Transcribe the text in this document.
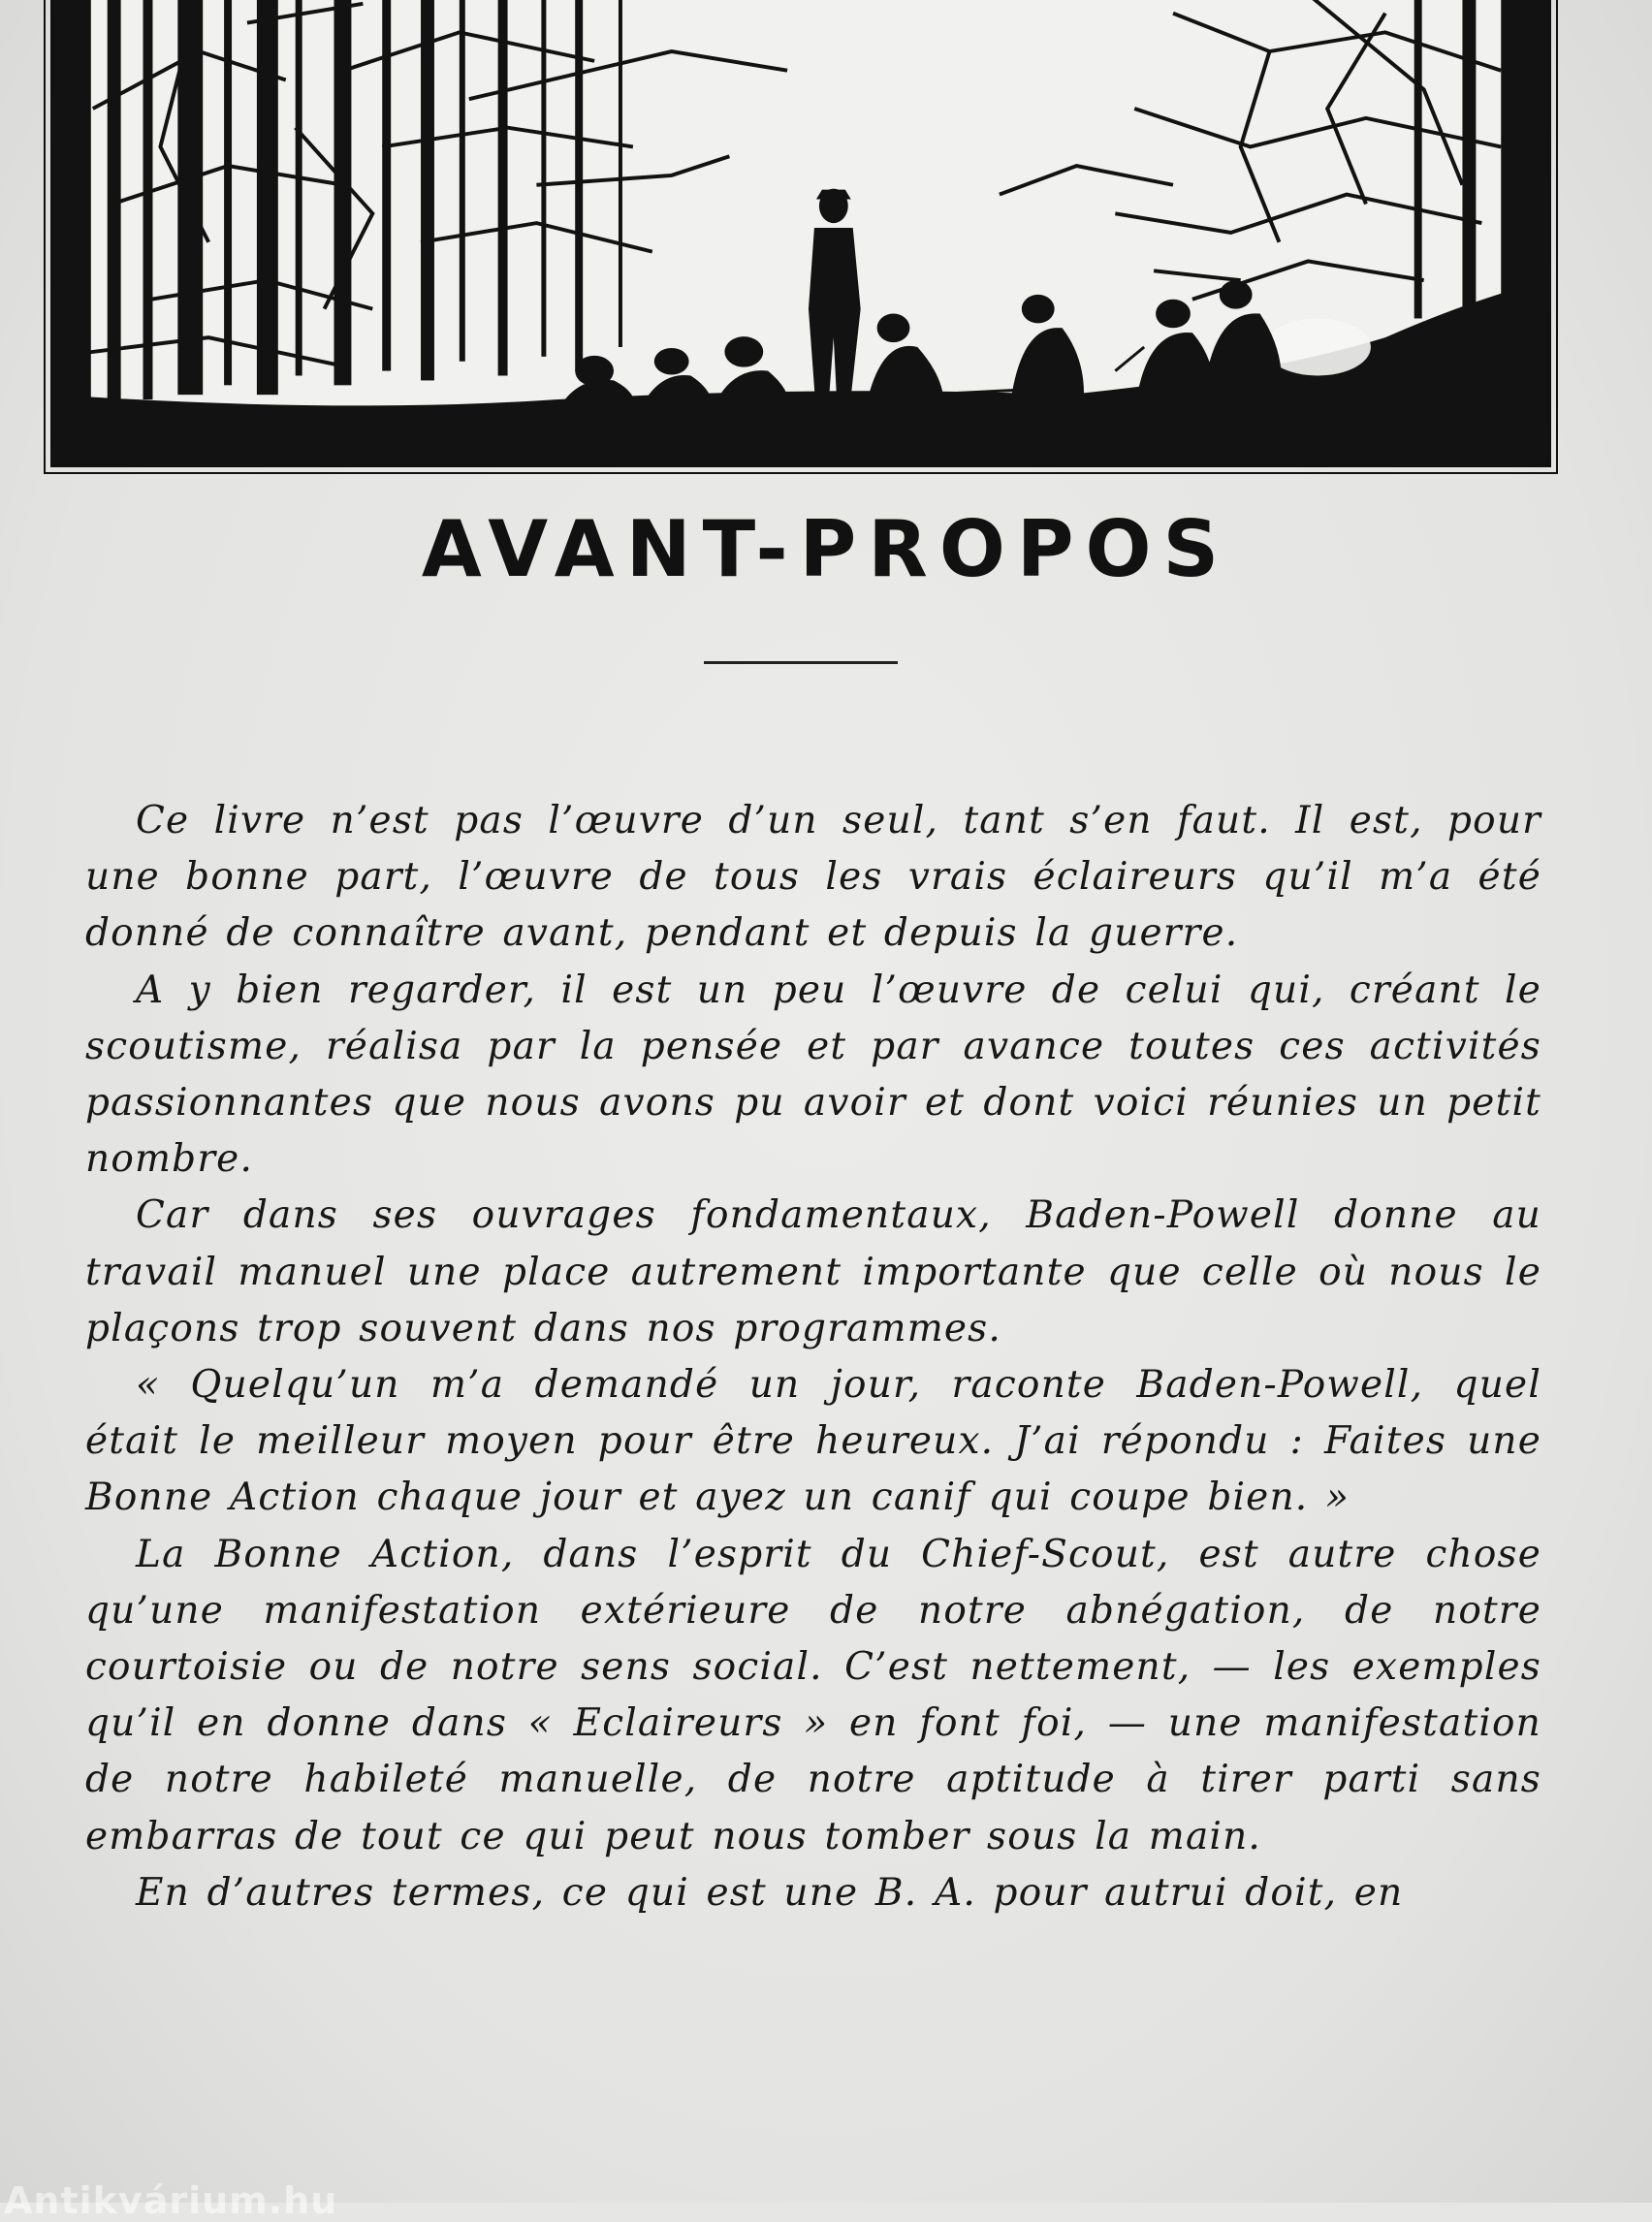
AVANT-PROPOS

Ce livre n’est pas l’œuvre d’un seul, tant s’en faut. Il est, pour une bonne part, l’œuvre de tous les vrais éclaireurs qu’il m’a été donné de connaître avant, pendant et depuis la guerre.

A y bien regarder, il est un peu l’œuvre de celui qui, créant le scoutisme, réalisa par la pensée et par avance toutes ces activités passionnantes que nous avons pu avoir et dont voici réunies un petit nombre.

Car dans ses ouvrages fondamentaux, Baden-Powell donne au travail manuel une place autrement importante que celle où nous le plaçons trop souvent dans nos programmes.

« Quelqu’un m’a demandé un jour, raconte Baden-Powell, quel était le meilleur moyen pour être heureux. J’ai répondu : Faites une Bonne Action chaque jour et ayez un canif qui coupe bien. »

La Bonne Action, dans l’esprit du Chief-Scout, est autre chose qu’une manifestation extérieure de notre abnégation, de notre courtoisie ou de notre sens social. C’est nettement, — les exemples qu’il en donne dans « Eclaireurs » en font foi, — une manifestation de notre habileté manuelle, de notre aptitude à tirer parti sans embarras de tout ce qui peut nous tomber sous la main.

En d’autres termes, ce qui est une B. A. pour autrui doit, en

Antikvárium.hu
